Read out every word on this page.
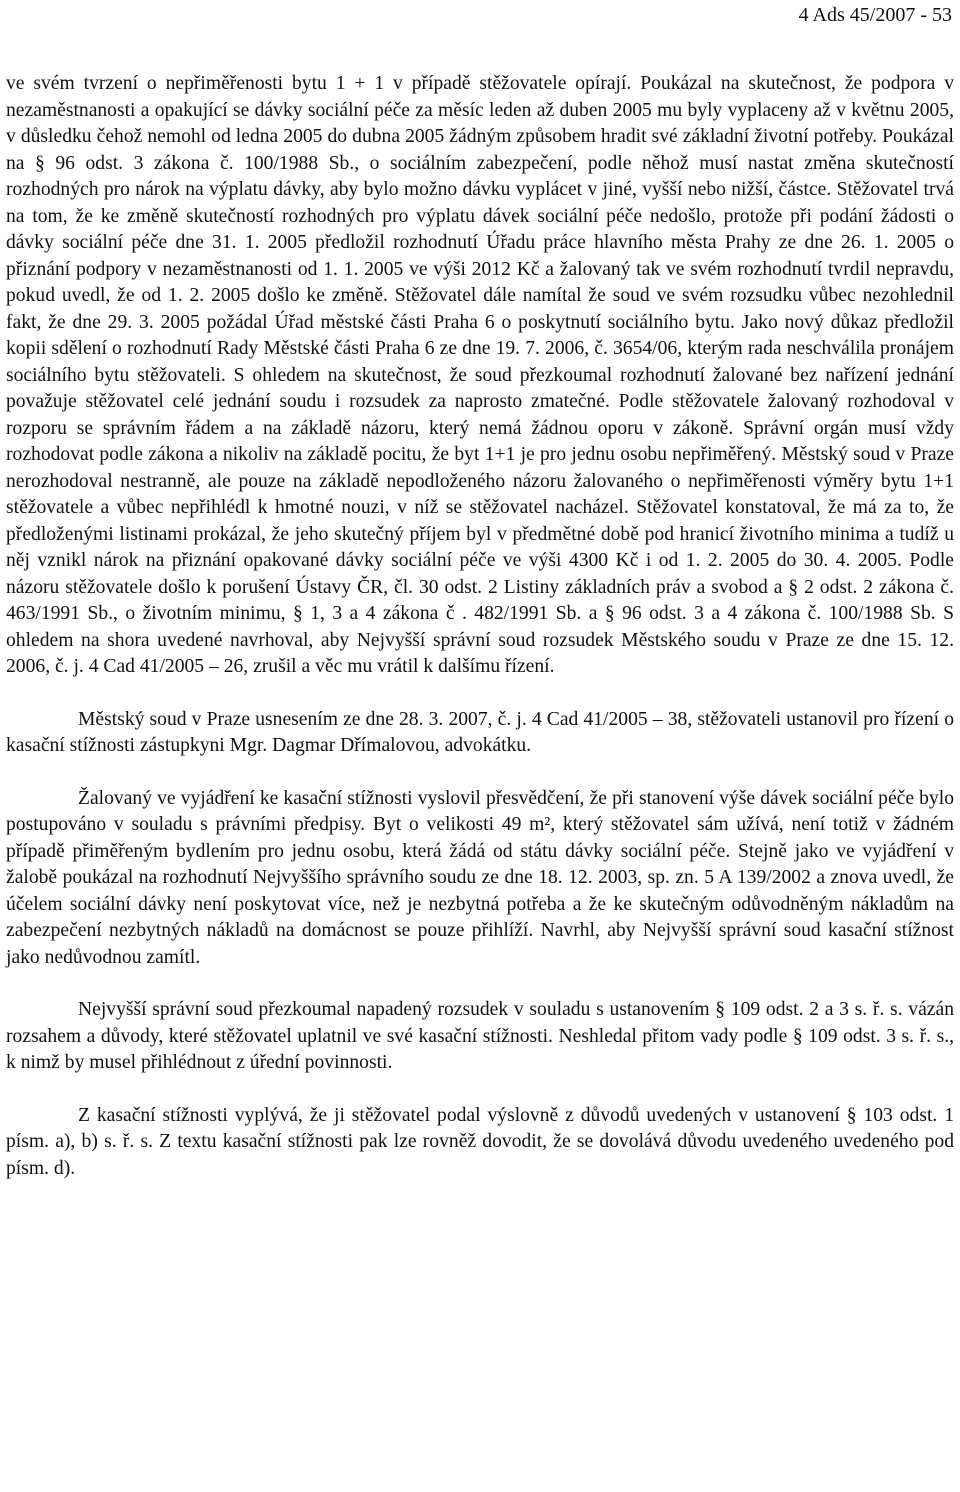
4 Ads 45/2007 - 53

ve svém tvrzení o nepřiměřenosti bytu 1 + 1 v případě stěžovatele opírají. Poukázal na skutečnost, že podpora v nezaměstnanosti a opakující se dávky sociální péče za měsíc leden až duben 2005 mu byly vyplaceny až v květnu 2005, v důsledku čehož nemohl od ledna 2005 do dubna 2005 žádným způsobem hradit své základní životní potřeby. Poukázal na § 96 odst. 3 zákona č. 100/1988 Sb., o sociálním zabezpečení, podle něhož musí nastat změna skutečností rozhodných pro nárok na výplatu dávky, aby bylo možno dávku vyplácet v jiné, vyšší nebo nižší, částce. Stěžovatel trvá na tom, že ke změně skutečností rozhodných pro výplatu dávek sociální péče nedošlo, protože při podání žádosti o dávky sociální péče dne 31. 1. 2005 předložil rozhodnutí Úřadu práce hlavního města Prahy ze dne 26. 1. 2005 o přiznání podpory v nezaměstnanosti od 1. 1. 2005 ve výši 2012 Kč a žalovaný tak ve svém rozhodnutí tvrdil nepravdu, pokud uvedl, že od 1. 2. 2005 došlo ke změně. Stěžovatel dále namítal že soud ve svém rozsudku vůbec nezohlednil fakt, že dne 29. 3. 2005 požádal Úřad městské části Praha 6 o poskytnutí sociálního bytu. Jako nový důkaz předložil kopii sdělení o rozhodnutí Rady Městské části Praha 6 ze dne 19. 7. 2006, č. 3654/06, kterým rada neschválila pronájem sociálního bytu stěžovateli. S ohledem na skutečnost, že soud přezkoumal rozhodnutí žalované bez nařízení jednání považuje stěžovatel celé jednání soudu i rozsudek za naprosto zmatečné. Podle stěžovatele žalovaný rozhodoval v rozporu se správním řádem a na základě názoru, který nemá žádnou oporu v zákoně. Správní orgán musí vždy rozhodovat podle zákona a nikoliv na základě pocitu, že byt 1+1 je pro jednu osobu nepřiměřený. Městský soud v Praze nerozhodoval nestranně, ale pouze na základě nepodloženého názoru žalovaného o nepřiměřenosti výměry bytu 1+1 stěžovatele a vůbec nepřihlédl k hmotné nouzi, v níž se stěžovatel nacházel. Stěžovatel konstatoval, že má za to, že předloženými listinami prokázal, že jeho skutečný příjem byl v předmětné době pod hranicí životního minima a tudíž u něj vznikl nárok na přiznání opakované dávky sociální péče ve výši 4300 Kč i od 1. 2. 2005 do 30. 4. 2005. Podle názoru stěžovatele došlo k porušení Ústavy ČR, čl. 30 odst. 2 Listiny základních práv a svobod a § 2 odst. 2 zákona č. 463/1991 Sb., o životním minimu, § 1, 3 a 4 zákona č . 482/1991 Sb. a § 96 odst. 3 a 4 zákona č. 100/1988 Sb. S ohledem na shora uvedené navrhoval, aby Nejvyšší správní soud rozsudek Městského soudu v Praze ze dne 15. 12. 2006, č. j. 4 Cad 41/2005 – 26, zrušil a věc mu vrátil k dalšímu řízení.

Městský soud v Praze usnesením ze dne 28. 3. 2007, č. j. 4 Cad 41/2005 – 38, stěžovateli ustanovil pro řízení o kasační stížnosti zástupkyni Mgr. Dagmar Dřímalovou, advokátku.

Žalovaný ve vyjádření ke kasační stížnosti vyslovil přesvědčení, že při stanovení výše dávek sociální péče bylo postupováno v souladu s právními předpisy. Byt o velikosti 49 m², který stěžovatel sám užívá, není totiž v žádném případě přiměřeným bydlením pro jednu osobu, která žádá od státu dávky sociální péče. Stejně jako ve vyjádření v žalobě poukázal na rozhodnutí Nejvyššího správního soudu ze dne 18. 12. 2003, sp. zn. 5 A 139/2002 a znova uvedl, že účelem sociální dávky není poskytovat více, než je nezbytná potřeba a že ke skutečným odůvodněným nákladům na zabezpečení nezbytných nákladů na domácnost se pouze přihlíží. Navrhl, aby Nejvyšší správní soud kasační stížnost jako nedůvodnou zamítl.

Nejvyšší správní soud přezkoumal napadený rozsudek v souladu s ustanovením § 109 odst. 2 a 3 s. ř. s. vázán rozsahem a důvody, které stěžovatel uplatnil ve své kasační stížnosti. Neshledal přitom vady podle § 109 odst. 3 s. ř. s., k nimž by musel přihlédnout z úřední povinnosti.

Z kasační stížnosti vyplývá, že ji stěžovatel podal výslovně z důvodů uvedených v ustanovení § 103 odst. 1 písm. a), b) s. ř. s. Z textu kasační stížnosti pak lze rovněž dovodit, že se dovolává důvodu uvedeného uvedeného pod písm. d).
